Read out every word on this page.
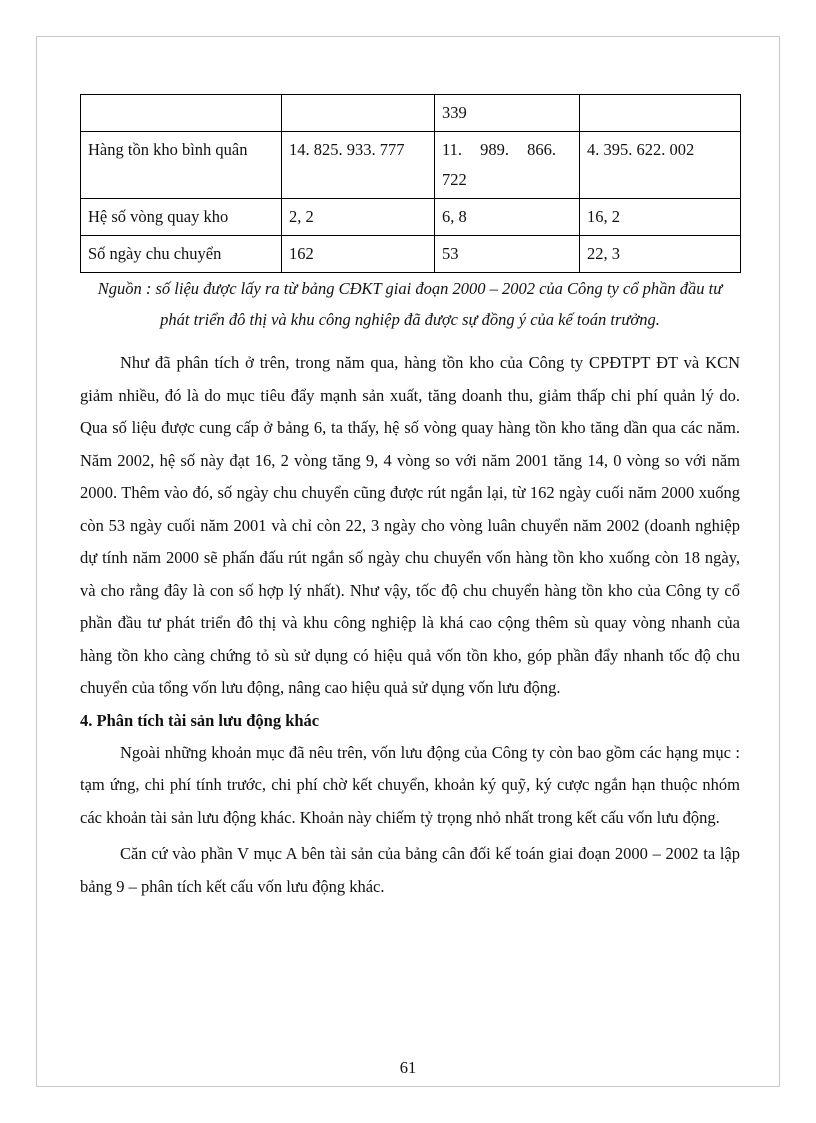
		339	
Hàng tồn kho bình quân	14. 825. 933. 777	11. 989. 866. 722	4. 395. 622. 002
Hệ số vòng quay kho	2, 2	6, 8	16, 2
Số ngày chu chuyển	162	53	22, 3

Nguồn : số liệu được lấy ra từ bảng CĐKT giai đoạn 2000 – 2002 của Công ty cổ phần đầu tư phát triển đô thị và khu công nghiệp đã được sự đồng ý của kế toán trưởng.

Như đã phân tích ở trên, trong năm qua, hàng tồn kho của Công ty CPĐTPT ĐT và KCN giảm nhiều, đó là do mục tiêu đẩy mạnh sản xuất, tăng doanh thu, giảm thấp chi phí quản lý do. Qua số liệu được cung cấp ở bảng 6, ta thấy, hệ số vòng quay hàng tồn kho tăng dần qua các năm. Năm 2002, hệ số này đạt 16, 2 vòng tăng 9, 4 vòng so với năm 2001 tăng 14, 0 vòng so với năm 2000. Thêm vào đó, số ngày chu chuyển cũng được rút ngắn lại, từ 162 ngày cuối năm 2000 xuống còn 53 ngày cuối năm 2001 và chỉ còn 22, 3 ngày cho vòng luân chuyển năm 2002 (doanh nghiệp dự tính năm 2000 sẽ phấn đấu rút ngắn số ngày chu chuyển vốn hàng tồn kho xuống còn 18 ngày, và cho rằng đây là con số hợp lý nhất). Như vậy, tốc độ chu chuyển hàng tồn kho của Công ty cổ phần đầu tư phát triển đô thị và khu công nghiệp là khá cao cộng thêm sù quay vòng nhanh của hàng tồn kho càng chứng tỏ sù sử dụng có hiệu quả vốn tồn kho, góp phần đẩy nhanh tốc độ chu chuyển của tổng vốn lưu động, nâng cao hiệu quả sử dụng vốn lưu động.

4. Phân tích tài sản lưu động khác

Ngoài những khoản mục đã nêu trên, vốn lưu động của Công ty còn bao gồm các hạng mục : tạm ứng, chi phí tính trước, chi phí chờ kết chuyển, khoản ký quỹ, ký cược ngắn hạn thuộc nhóm các khoản tài sản lưu động khác. Khoản này chiếm tỷ trọng nhỏ nhất trong kết cấu vốn lưu động.

Căn cứ vào phần V mục A bên tài sản của bảng cân đối kế toán giai đoạn 2000 – 2002 ta lập bảng 9 – phân tích kết cấu vốn lưu động khác.

61
